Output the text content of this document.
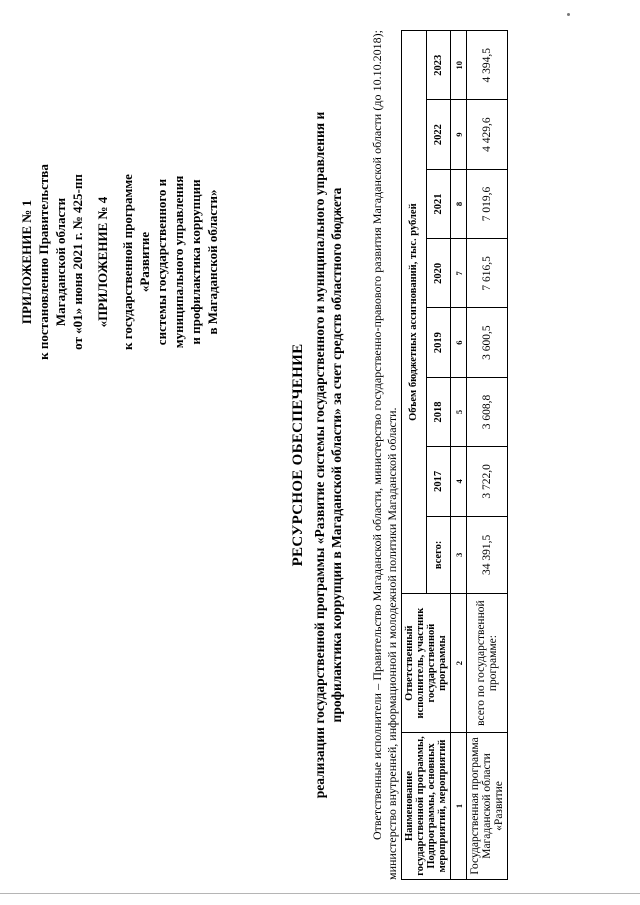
ПРИЛОЖЕНИЕ № 1 к постановлению Правительства Магаданской области от «01» июня 2021 г. № 425-пп «ПРИЛОЖЕНИЕ № 4 к государственной программе «Развитие системы государственного и муниципального управления и профилактика коррупции в Магаданской области»
РЕСУРСНОЕ ОБЕСПЕЧЕНИЕ реализации государственной программы «Развитие системы государственного и муниципального управления и профилактика коррупции в Магаданской области» за счет средств областного бюджета Ответственные исполнители – Правительство Магаданской области, министерство государственно-правового развития Магаданской области (до 10.10.2018); министерство внутренней, информационной и молодежной политики Магаданской области. Наименование государственной программы, Подпрограммы, основных мероприятий, мероприятий	Ответственный исполнитель, участник государственной программы	Объем бюджетных ассигнований, тыс. рублей							
		всего:	2017	2018	2019	2020	2021	2022	2023
1	2	3	4	5	6	7	8	9	10
Государственная программа Магаданской области «Развитие	всего по государственной программе:	34 391,5	3 722,0	3 608,8	3 600,5	7 616,5	7 019,6	4 429,6	4 394,5
